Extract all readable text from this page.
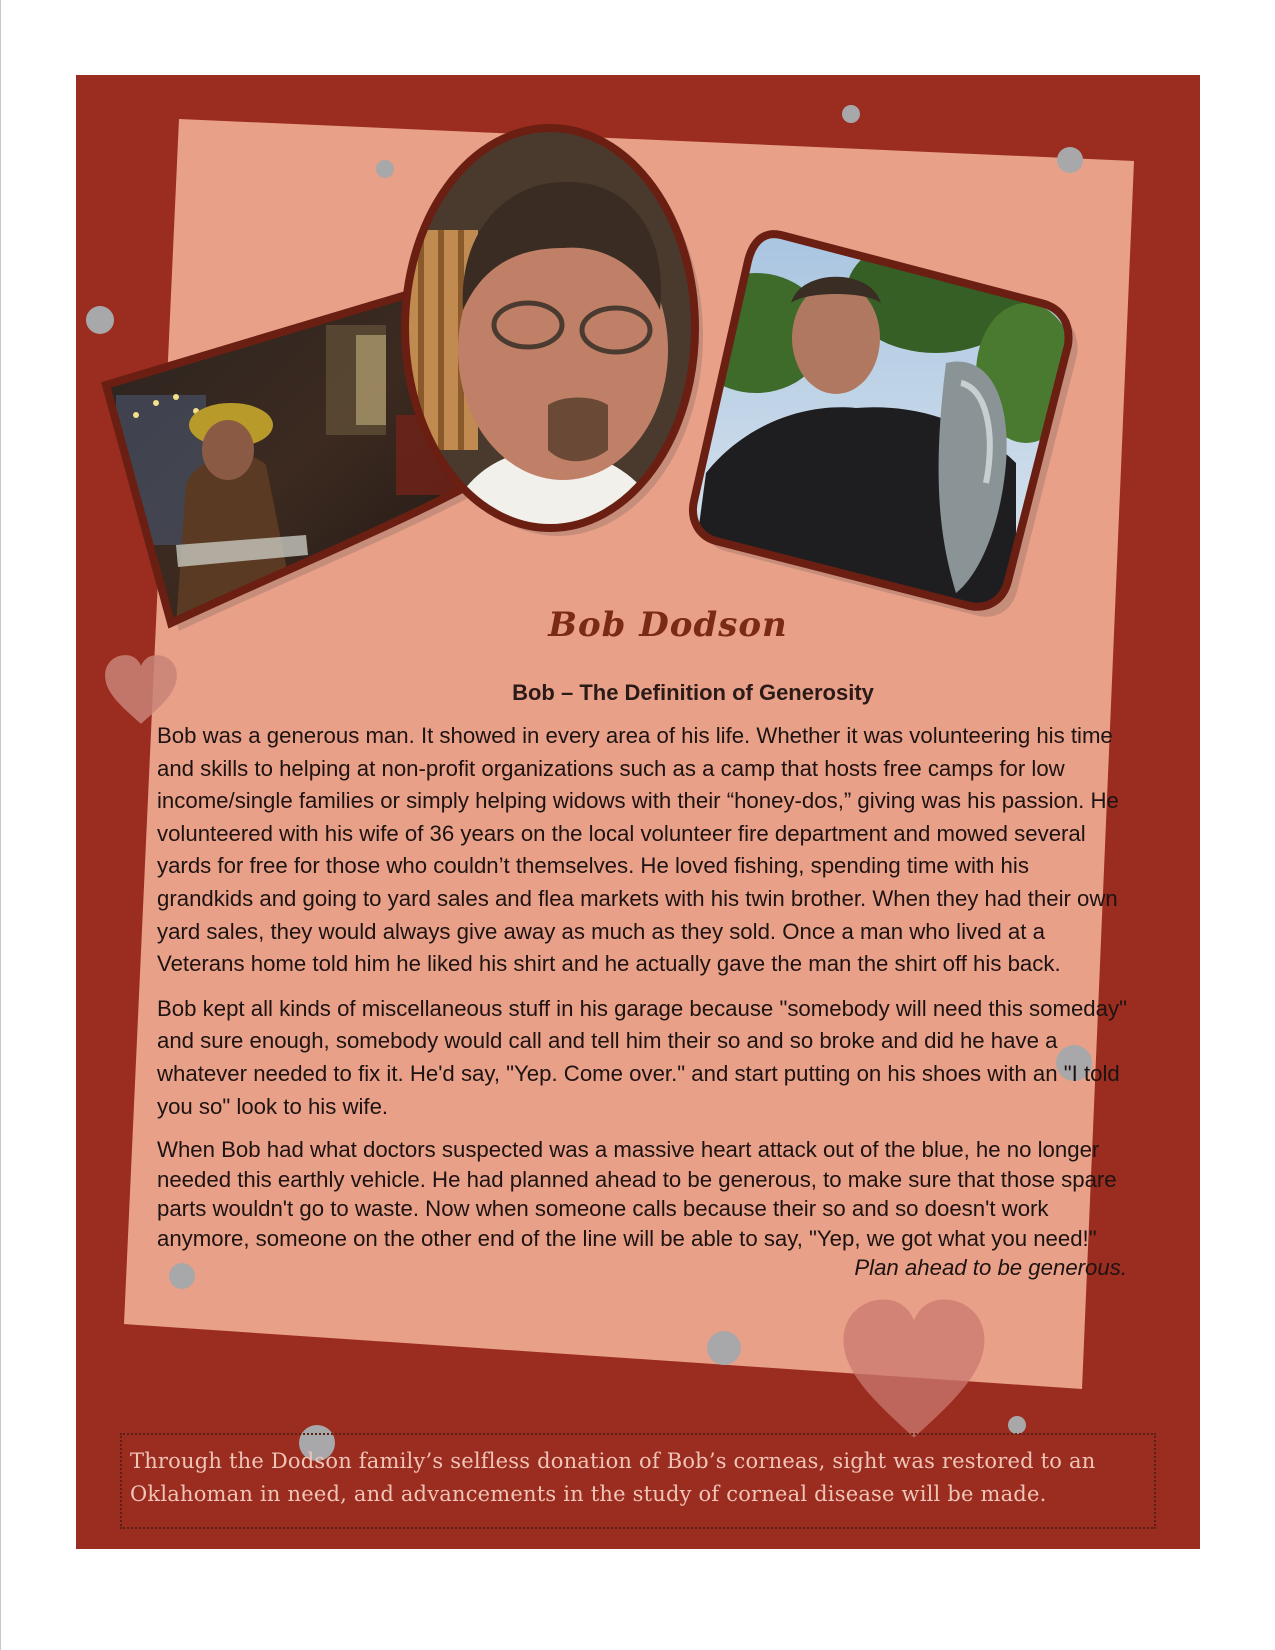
Bob Dodson
Bob – The Definition of Generosity

Bob was a generous man. It showed in every area of his life. Whether it was volunteering his time and skills to helping at non-profit organizations such as a camp that hosts free camps for low income/single families or simply helping widows with their “honey-dos,” giving was his passion. He volunteered with his wife of 36 years on the local volunteer fire department and mowed several yards for free for those who couldn’t themselves. He loved fishing, spending time with his grandkids and going to yard sales and flea markets with his twin brother. When they had their own yard sales, they would always give away as much as they sold. Once a man who lived at a Veterans home told him he liked his shirt and he actually gave the man the shirt off his back.

Bob kept all kinds of miscellaneous stuff in his garage because "somebody will need this someday" and sure enough, somebody would call and tell him their so and so broke and did he have a whatever needed to fix it. He'd say, "Yep. Come over." and start putting on his shoes with an "I told you so" look to his wife.

When Bob had what doctors suspected was a massive heart attack out of the blue, he no longer needed this earthly vehicle. He had planned ahead to be generous, to make sure that those spare parts wouldn't go to waste. Now when someone calls because their so and so doesn't work anymore, someone on the other end of the line will be able to say, "Yep, we got what you need!"
Plan ahead to be generous.

Through the Dodson family’s selfless donation of Bob’s corneas, sight was restored to an Oklahoman in need, and advancements in the study of corneal disease will be made.
